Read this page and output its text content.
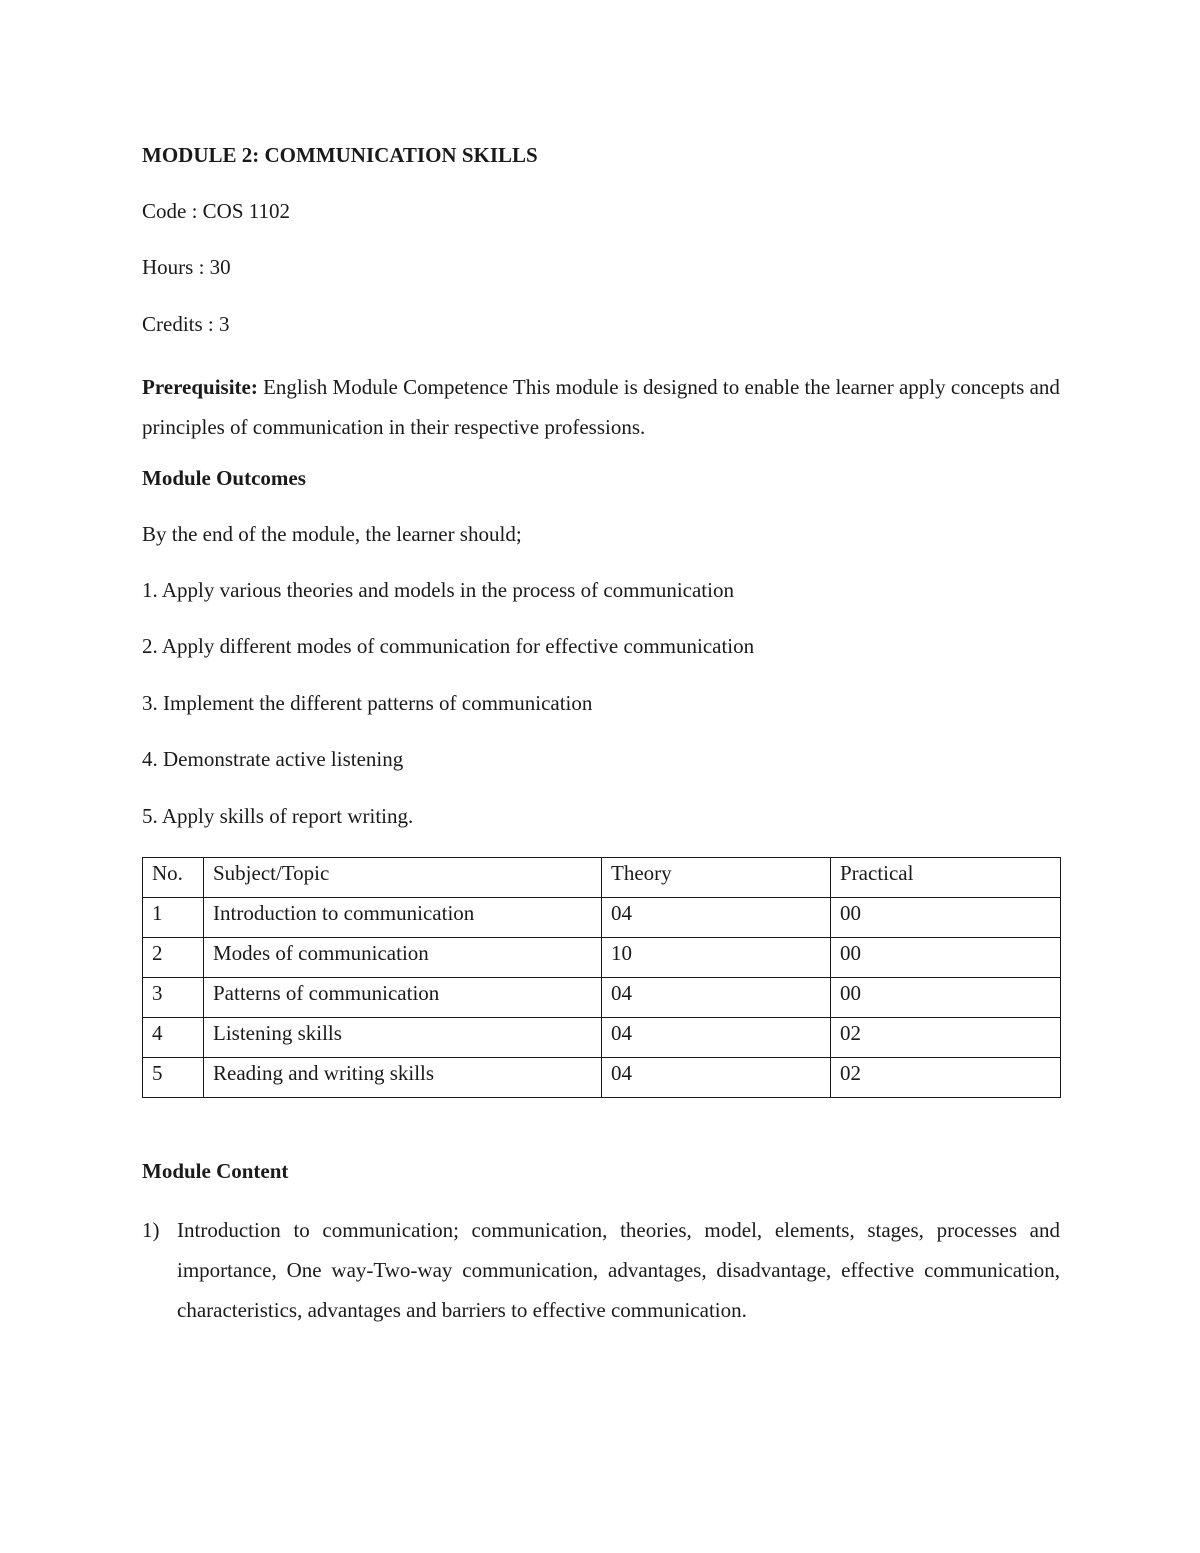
MODULE 2: COMMUNICATION SKILLS
Code : COS 1102
Hours : 30
Credits : 3
Prerequisite: English Module Competence This module is designed to enable the learner apply concepts and principles of communication in their respective professions.
Module Outcomes
By the end of the module, the learner should;
1. Apply various theories and models in the process of communication
2. Apply different modes of communication for effective communication
3. Implement the different patterns of communication
4. Demonstrate active listening
5. Apply skills of report writing.
No.	Subject/Topic	Theory	Practical
1	Introduction to communication	04	00
2	Modes of communication	10	00
3	Patterns of communication	04	00
4	Listening skills	04	02
5	Reading and writing skills	04	02
Module Content
1) Introduction to communication; communication, theories, model, elements, stages, processes and importance, One way-Two-way communication, advantages, disadvantage, effective communication, characteristics, advantages and barriers to effective communication.
